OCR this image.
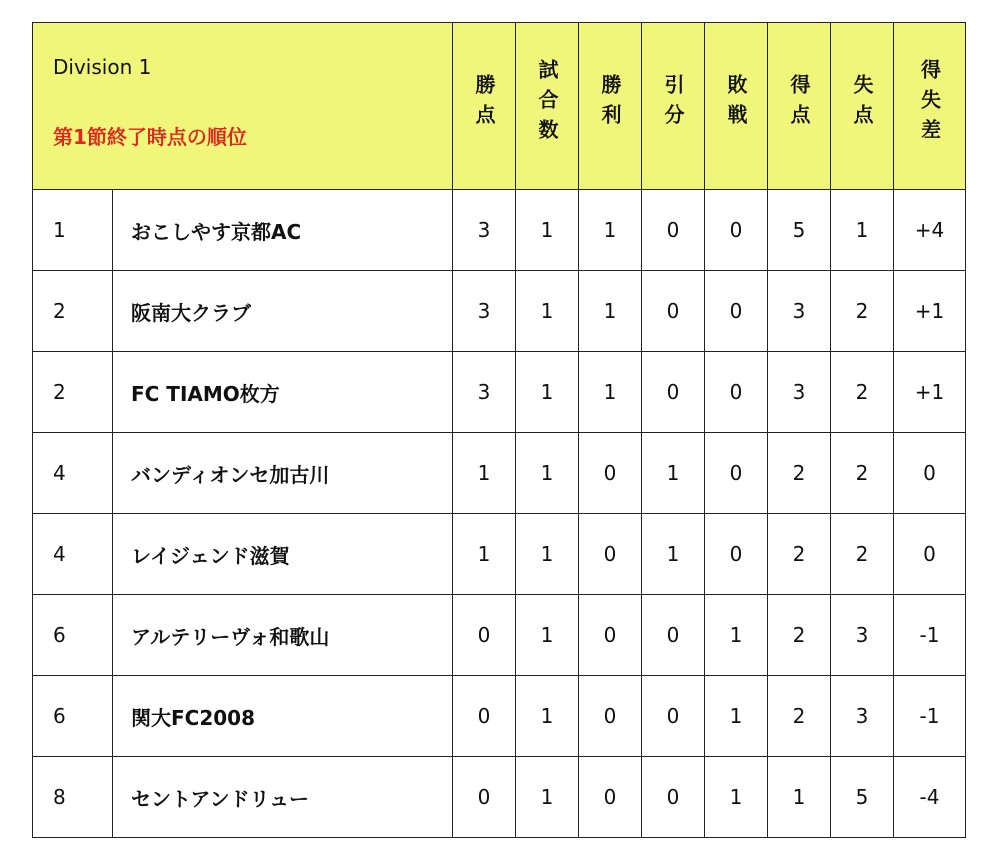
Division 1
第1節終了時点の順位		勝点	試合数	勝利	引分	敗戦	得点	失点	得失差
1	おこしやす京都AC	3	1	1	0	0	5	1	+4
2	阪南大クラブ	3	1	1	0	0	3	2	+1
2	FC TIAMO枚方	3	1	1	0	0	3	2	+1
4	バンディオンセ加古川	1	1	0	1	0	2	2	0
4	レイジェンド滋賀	1	1	0	1	0	2	2	0
6	アルテリーヴォ和歌山	0	1	0	0	1	2	3	-1
6	関大FC2008	0	1	0	0	1	2	3	-1
8	セントアンドリュー	0	1	0	0	1	1	5	-4
